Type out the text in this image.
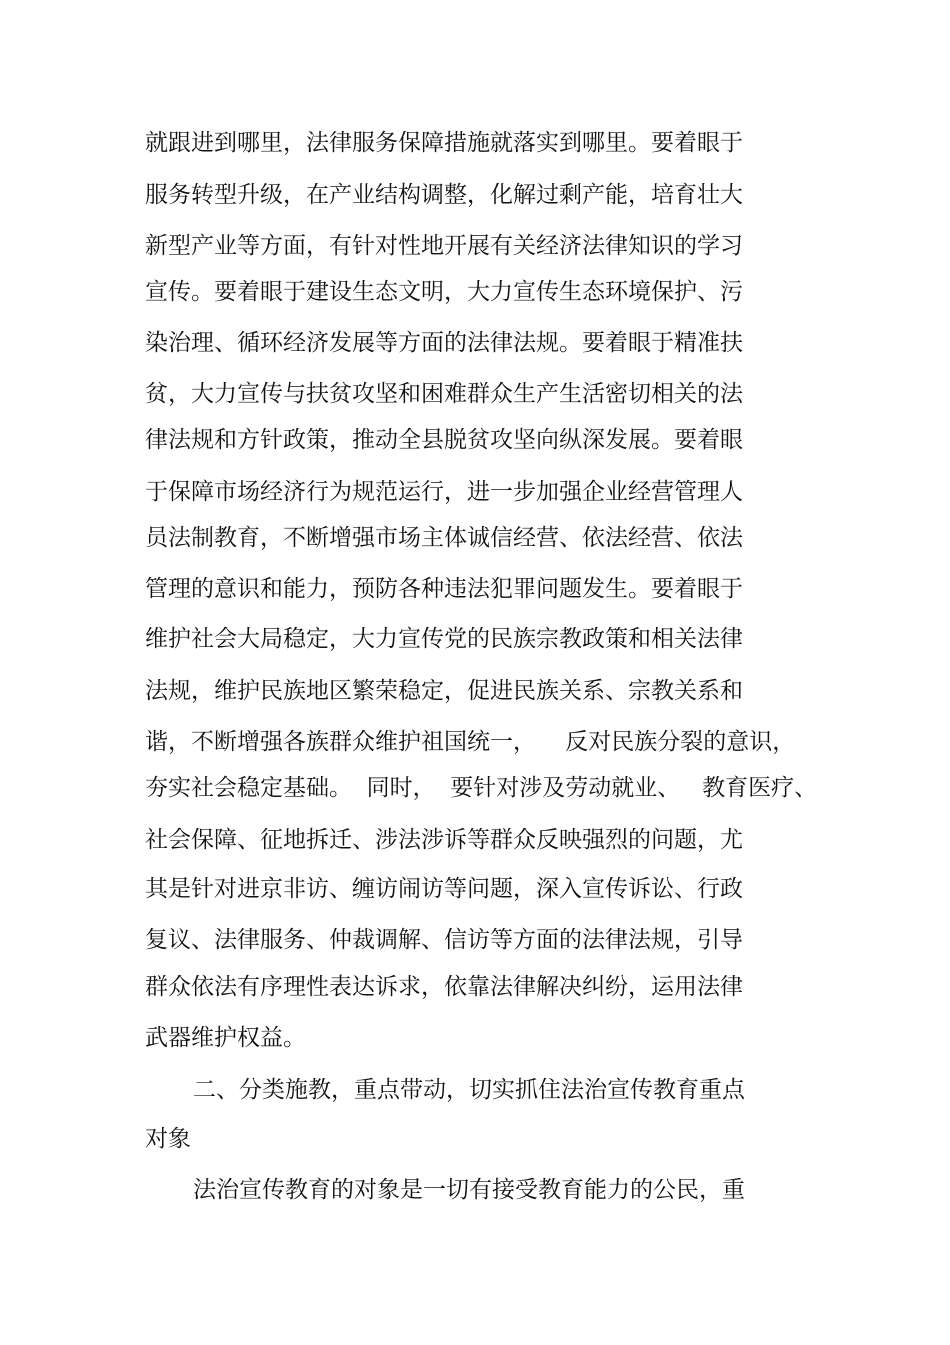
就跟进到哪里，法律服务保障措施就落实到哪里。要着眼于
服务转型升级，在产业结构调整，化解过剩产能，培育壮大
新型产业等方面，有针对性地开展有关经济法律知识的学习
宣传。要着眼于建设生态文明，大力宣传生态环境保护、污
染治理、循环经济发展等方面的法律法规。要着眼于精准扶
贫，大力宣传与扶贫攻坚和困难群众生产生活密切相关的法
律法规和方针政策，推动全县脱贫攻坚向纵深发展。要着眼
于保障市场经济行为规范运行，进一步加强企业经营管理人
员法制教育，不断增强市场主体诚信经营、依法经营、依法
管理的意识和能力，预防各种违法犯罪问题发生。要着眼于
维护社会大局稳定，大力宣传党的民族宗教政策和相关法律
法规，维护民族地区繁荣稳定，促进民族关系、宗教关系和
谐，不断增强各族群众维护祖国统一，    反对民族分裂的意识，
夯实社会稳定基础。  同时，  要针对涉及劳动就业、   教育医疗、
社会保障、征地拆迁、涉法涉诉等群众反映强烈的问题，尤
其是针对进京非访、缠访闹访等问题，深入宣传诉讼、行政
复议、法律服务、仲裁调解、信访等方面的法律法规，引导
群众依法有序理性表达诉求，依靠法律解决纠纷，运用法律
武器维护权益。
二、分类施教，重点带动，切实抓住法治宣传教育重点
对象
法治宣传教育的对象是一切有接受教育能力的公民，重
